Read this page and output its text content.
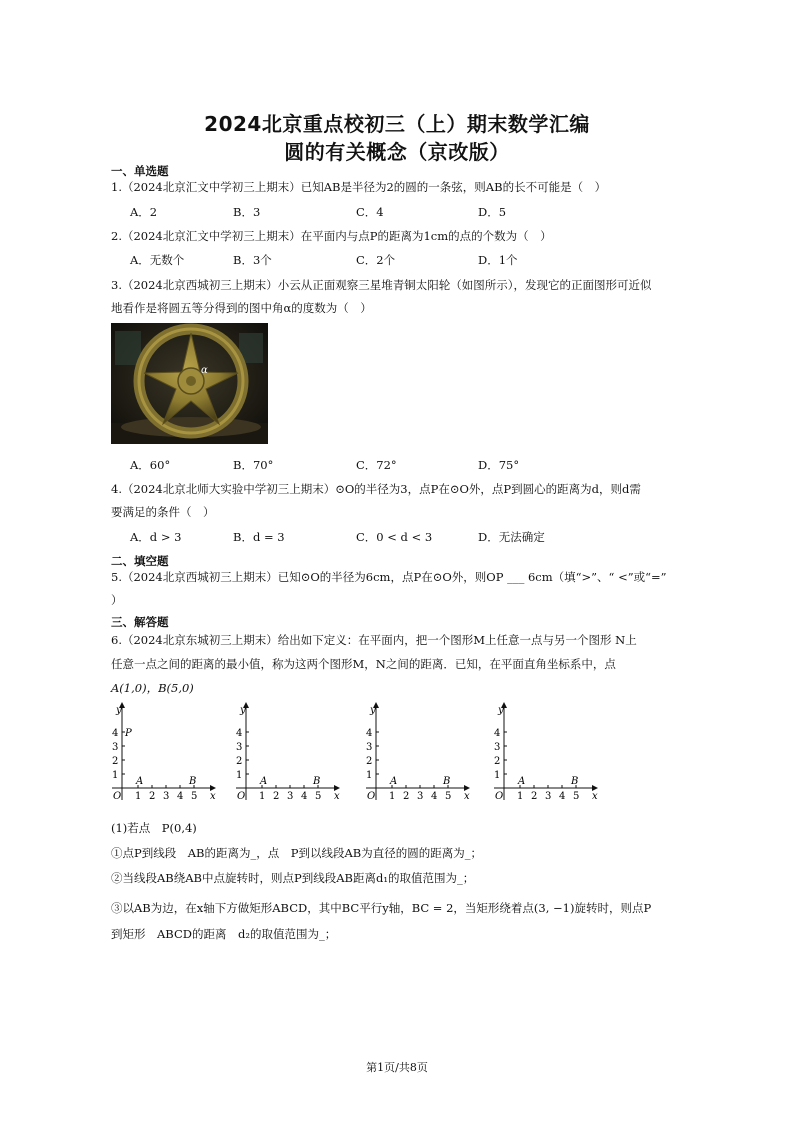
2024北京重点校初三（上）期末数学汇编
圆的有关概念（京改版）
一、单选题
1.（2024北京汇文中学初三上期末）已知AB是半径为2的圆的一条弦，则AB的长不可能是（　）
A．2	B．3	C．4	D．5
2.（2024北京汇文中学初三上期末）在平面内与点P的距离为1cm的点的个数为（　）
A．无数个	B．3个	C．2个	D．1个
3.（2024北京西城初三上期末）小云从正面观察三星堆青铜太阳轮（如图所示），发现它的正面图形可近似
地看作是将圆五等分得到的图中角α的度数为（　）
α
A．60°	B．70°	C．72°	D．75°
4.（2024北京北师大实验中学初三上期末）⊙O的半径为3，点P在⊙O外，点P到圆心的距离为d，则d需
要满足的条件（　）
A．d > 3	B．d = 3	C．0 < d < 3	D．无法确定
二、填空题
5.（2024北京西城初三上期末）已知⊙O的半径为6cm，点P在⊙O外，则OP ___ 6cm（填“>”、“ <”或“=”
）
三、解答题
6.（2024北京东城初三上期末）给出如下定义：在平面内，把一个图形M上任意一点与另一个图形 N上
任意一点之间的距离的最小值，称为这两个图形M，N之间的距离．已知，在平面直角坐标系中，点
A(1,0)，B(5,0)
y
x
O
1
2
3
4
1 2 3 4 5
A	B
P
y
x
O
1
2
3
4
1 2 3 4 5
A	B
y
x
O
1
2
3
4
1 2 3 4 5
A	B
y
x
O
1
2
3
4
1 2 3 4 5
A	B
(1)若点　P(0,4)
①点P到线段　AB的距离为_，点　P到以线段AB为直径的圆的距离为_；
②当线段AB绕AB中点旋转时，则点P到线段AB距离d₁的取值范围为_；
③以AB为边，在x轴下方做矩形ABCD，其中BC平行y轴，BC = 2，当矩形绕着点(3, −1)旋转时，则点P
到矩形　ABCD的距离　d₂的取值范围为_；
第1页/共8页
